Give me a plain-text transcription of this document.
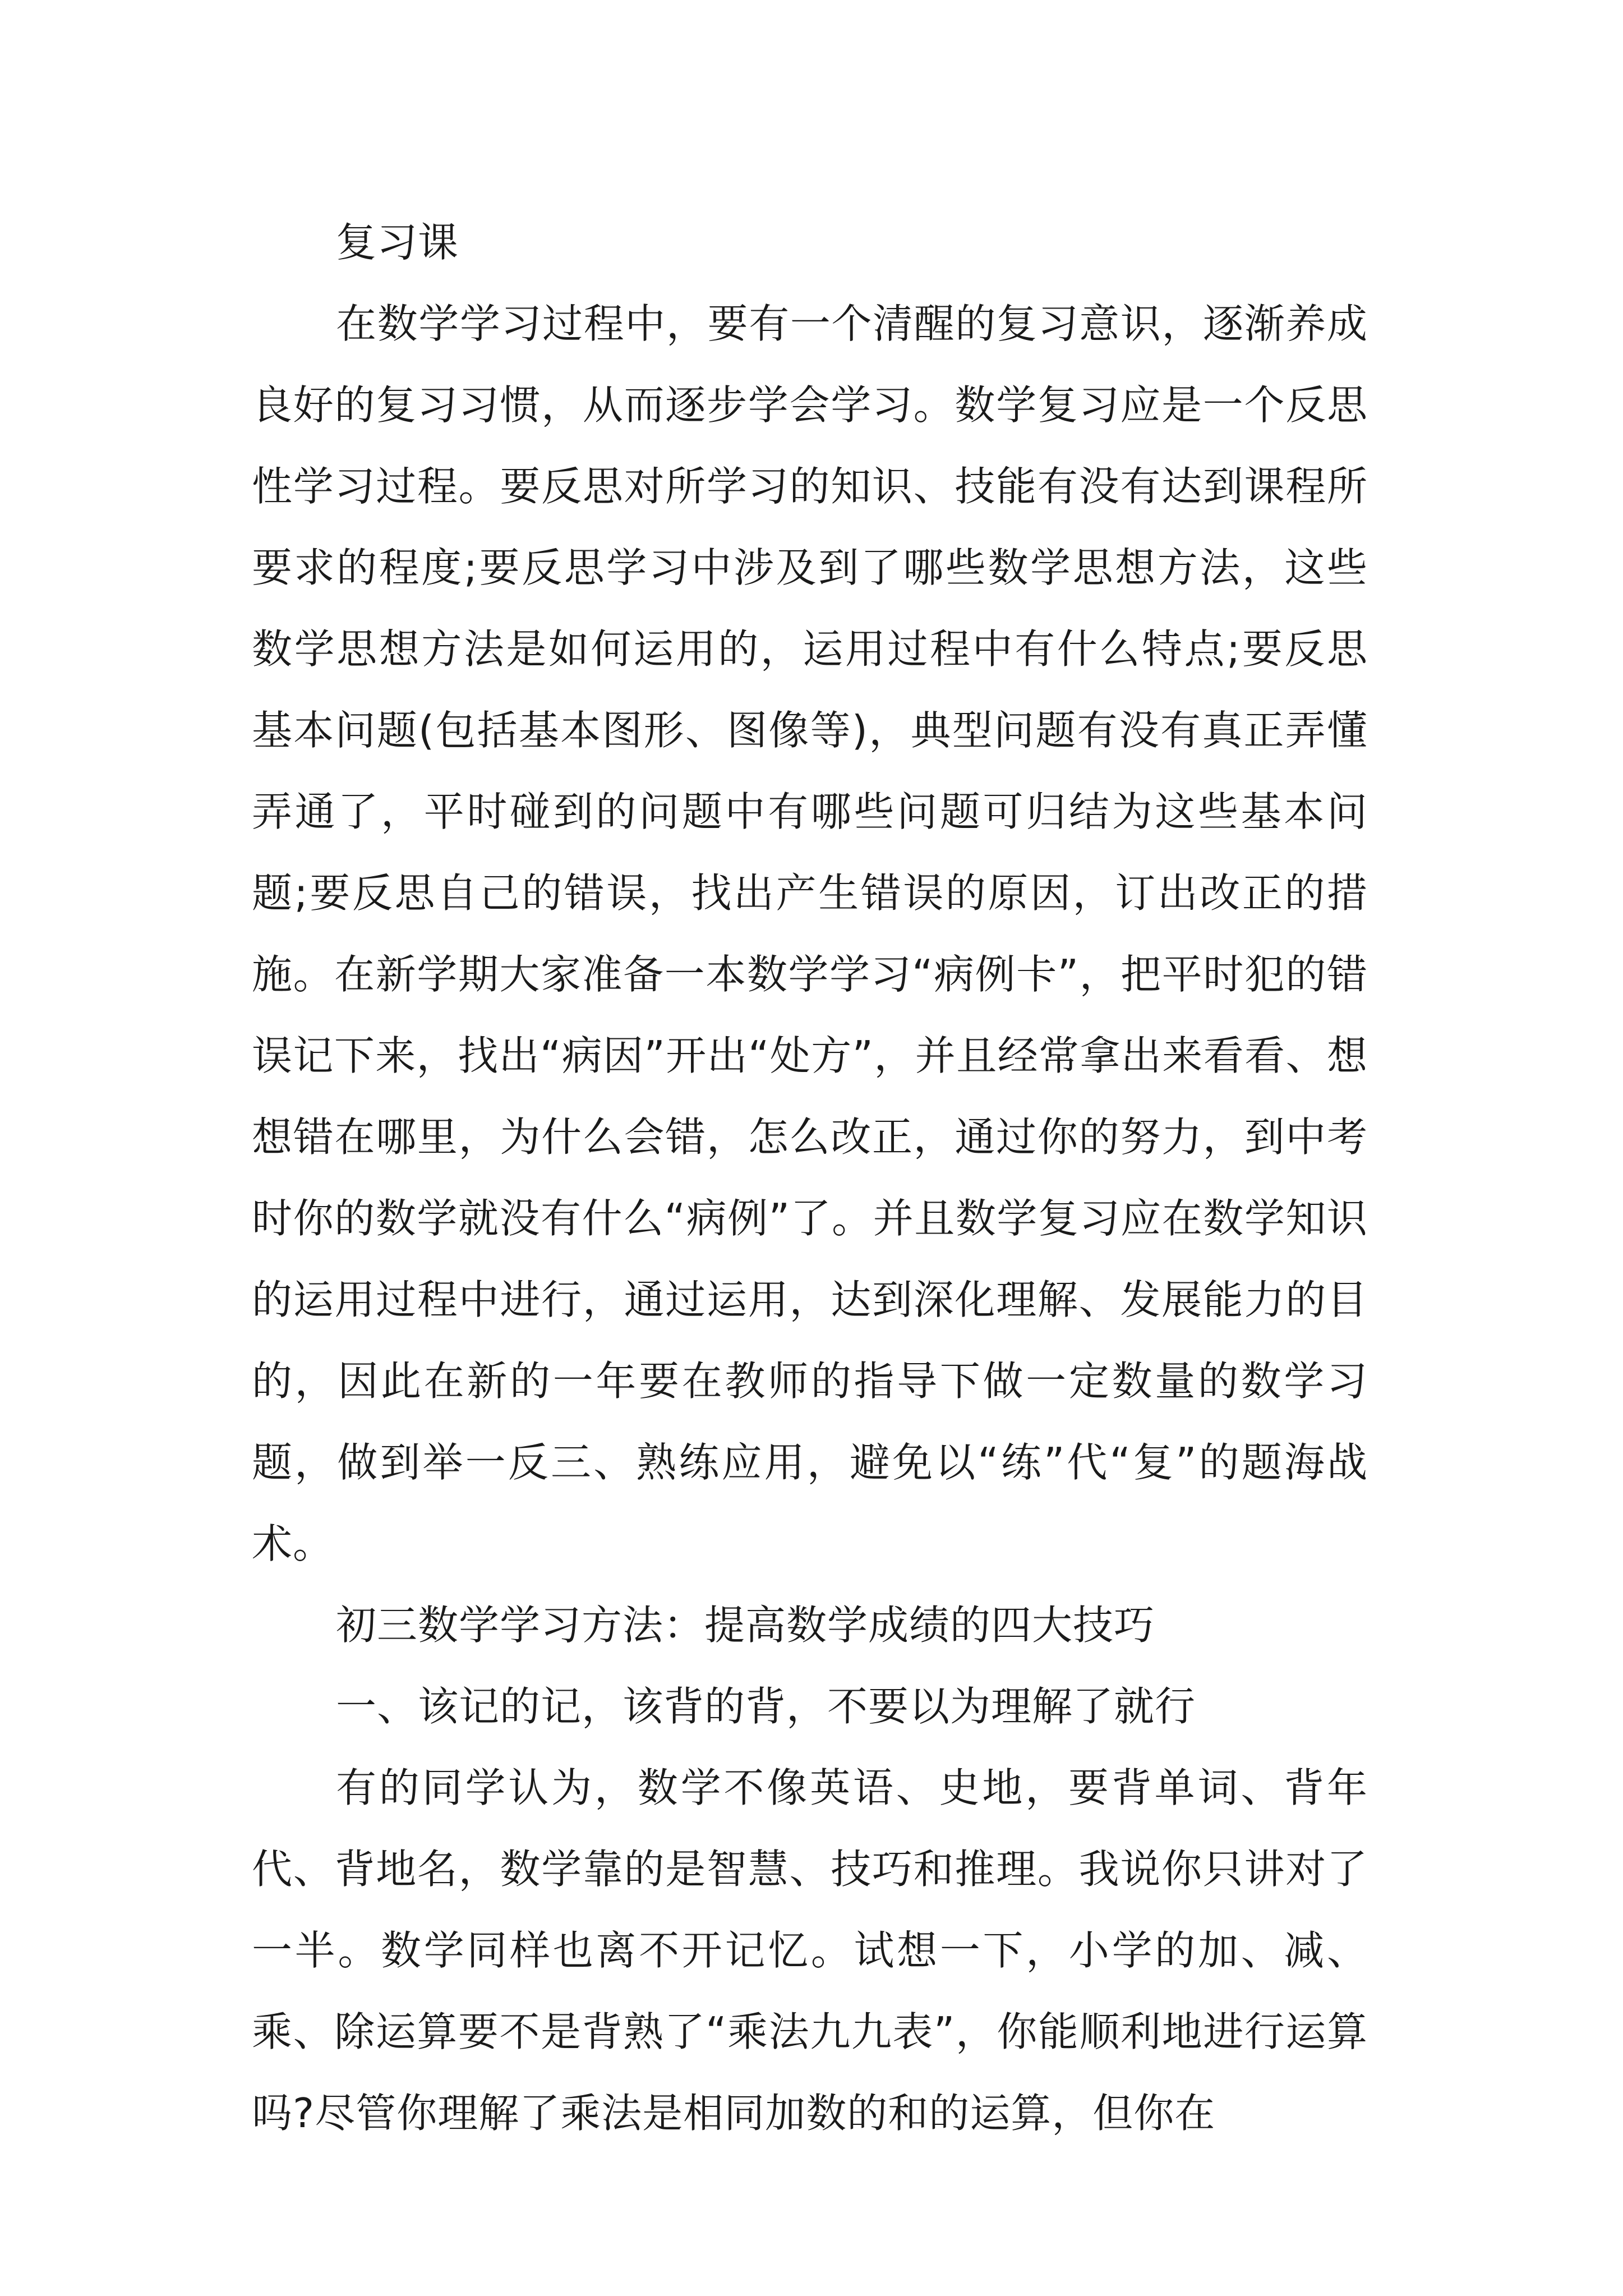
复习课

在数学学习过程中，要有一个清醒的复习意识，逐渐养成良好的复习习惯，从而逐步学会学习。数学复习应是一个反思性学习过程。要反思对所学习的知识、技能有没有达到课程所要求的程度;要反思学习中涉及到了哪些数学思想方法，这些数学思想方法是如何运用的，运用过程中有什么特点;要反思基本问题(包括基本图形、图像等)，典型问题有没有真正弄懂弄通了，平时碰到的问题中有哪些问题可归结为这些基本问题;要反思自己的错误，找出产生错误的原因，订出改正的措施。在新学期大家准备一本数学学习“病例卡”，把平时犯的错误记下来，找出“病因”开出“处方”，并且经常拿出来看看、想想错在哪里，为什么会错，怎么改正，通过你的努力，到中考时你的数学就没有什么“病例”了。并且数学复习应在数学知识的运用过程中进行，通过运用，达到深化理解、发展能力的目的，因此在新的一年要在教师的指导下做一定数量的数学习题，做到举一反三、熟练应用，避免以“练”代“复”的题海战术。

初三数学学习方法：提高数学成绩的四大技巧

一、该记的记，该背的背，不要以为理解了就行

有的同学认为，数学不像英语、史地，要背单词、背年代、背地名，数学靠的是智慧、技巧和推理。我说你只讲对了一半。数学同样也离不开记忆。试想一下，小学的加、减、乘、除运算要不是背熟了“乘法九九表”，你能顺利地进行运算吗?尽管你理解了乘法是相同加数的和的运算，但你在
